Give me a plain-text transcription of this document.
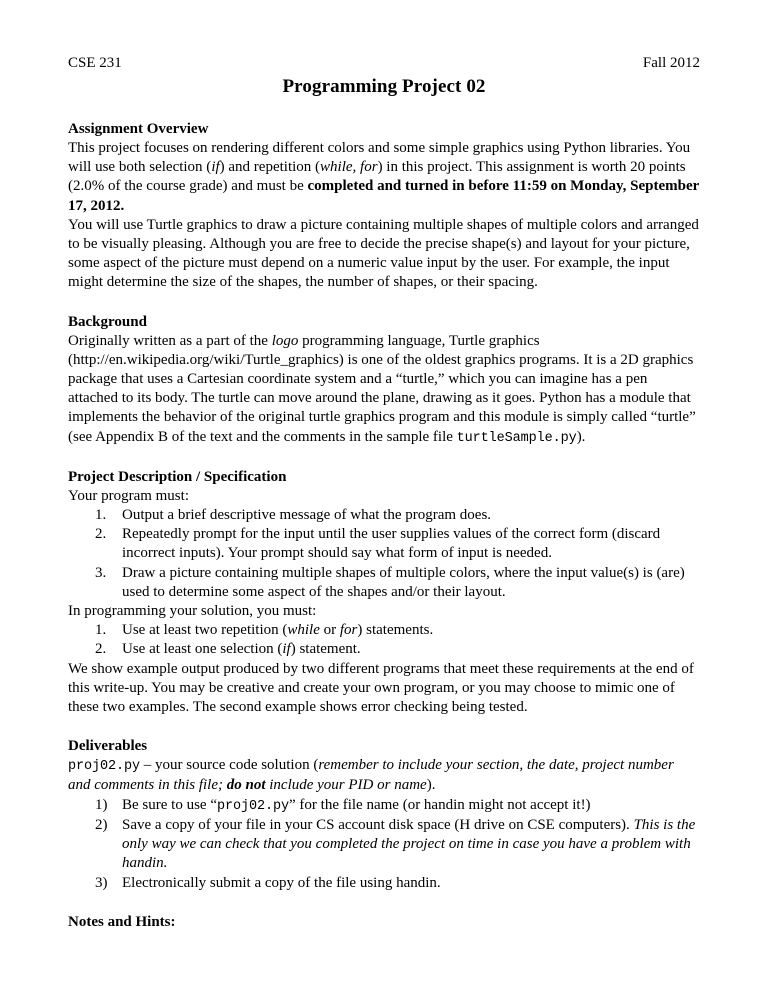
CSE 231	Fall 2012
Programming Project 02
Assignment Overview

This project focuses on rendering different colors and some simple graphics using Python libraries. You will use both selection (if) and repetition (while, for) in this project. This assignment is worth 20 points (2.0% of the course grade) and must be completed and turned in before 11:59 on Monday, September 17, 2012.

You will use Turtle graphics to draw a picture containing multiple shapes of multiple colors and arranged to be visually pleasing. Although you are free to decide the precise shape(s) and layout for your picture, some aspect of the picture must depend on a numeric value input by the user. For example, the input might determine the size of the shapes, the number of shapes, or their spacing.

Background

Originally written as a part of the logo programming language, Turtle graphics (http://en.wikipedia.org/wiki/Turtle_graphics) is one of the oldest graphics programs. It is a 2D graphics package that uses a Cartesian coordinate system and a “turtle,” which you can imagine has a pen attached to its body. The turtle can move around the plane, drawing as it goes. Python has a module that implements the behavior of the original turtle graphics program and this module is simply called “turtle” (see Appendix B of the text and the comments in the sample file turtleSample.py).

Project Description / Specification

Your program must:

1.	Output a brief descriptive message of what the program does.
2.	Repeatedly prompt for the input until the user supplies values of the correct form (discard incorrect inputs). Your prompt should say what form of input is needed.
3.	Draw a picture containing multiple shapes of multiple colors, where the input value(s) is (are) used to determine some aspect of the shapes and/or their layout.

In programming your solution, you must:

1.	Use at least two repetition (while or for) statements.
2.	Use at least one selection (if) statement.

We show example output produced by two different programs that meet these requirements at the end of this write-up. You may be creative and create your own program, or you may choose to mimic one of these two examples. The second example shows error checking being tested.

Deliverables

proj02.py – your source code solution (remember to include your section, the date, project number and comments in this file; do not include your PID or name).

1) Be sure to use “proj02.py” for the file name (or handin might not accept it!)
2) Save a copy of your file in your CS account disk space (H drive on CSE computers). This is the only way we can check that you completed the project on time in case you have a problem with handin.
3) Electronically submit a copy of the file using handin.
Notes and Hints:
